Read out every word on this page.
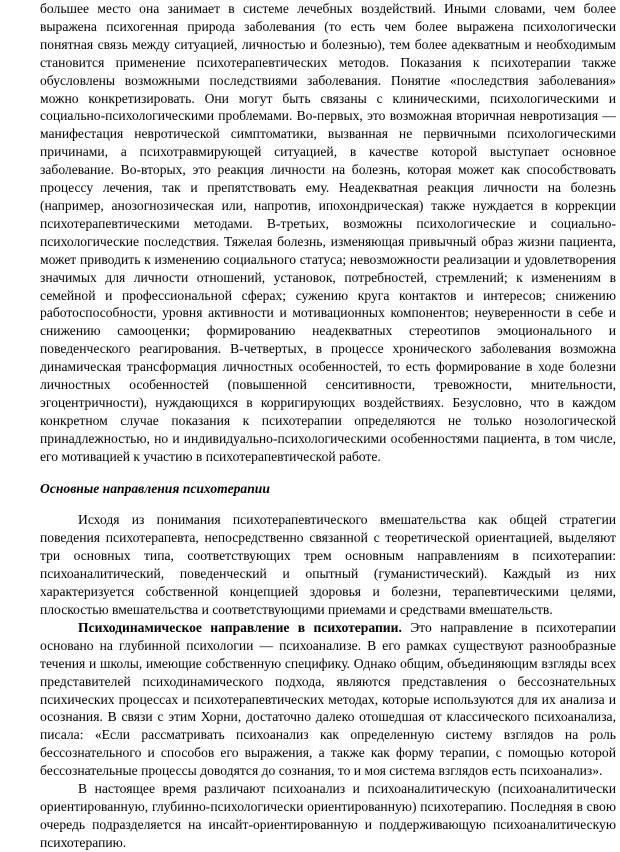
большее место она занимает в системе лечебных воздействий. Иными словами, чем более выражена психогенная природа заболевания (то есть чем более выражена психологически понятная связь между ситуацией, личностью и болезнью), тем более адекватным и необходимым становится применение психотерапевтических методов. Показания к психотерапии также обусловлены возможными последствиями заболевания. Понятие «последствия заболевания» можно конкретизировать. Они могут быть связаны с клиническими, психологическими и социально-психологическими проблемами. Во-первых, это возможная вторичная невротизация — манифестация невротической симптоматики, вызванная не первичными психологическими причинами, а психотравмирующей ситуацией, в качестве которой выступает основное заболевание. Во-вторых, это реакция личности на болезнь, которая может как способствовать процессу лечения, так и препятствовать ему. Неадекватная реакция личности на болезнь (например, анозогнозическая или, напротив, ипохондрическая) также нуждается в коррекции психотерапевтическими методами. В-третьих, возможны психологические и социально-психологические последствия. Тяжелая болезнь, изменяющая привычный образ жизни пациента, может приводить к изменению социального статуса; невозможности реализации и удовлетворения значимых для личности отношений, установок, потребностей, стремлений; к изменениям в семейной и профессиональной сферах; сужению круга контактов и интересов; снижению работоспособности, уровня активности и мотивационных компонентов; неуверенности в себе и снижению самооценки; формированию неадекватных стереотипов эмоционального и поведенческого реагирования. В-четвертых, в процессе хронического заболевания возможна динамическая трансформация личностных особенностей, то есть формирование в ходе болезни личностных особенностей (повышенной сенситивности, тревожности, мнительности, эгоцентричности), нуждающихся в корригирующих воздействиях. Безусловно, что в каждом конкретном случае показания к психотерапии определяются не только нозологической принадлежностью, но и индивидуально-психологическими особенностями пациента, в том числе, его мотивацией к участию в психотерапевтической работе.

Основные направления психотерапии

Исходя из понимания психотерапевтического вмешательства как общей стратегии поведения психотерапевта, непосредственно связанной с теоретической ориентацией, выделяют три основных типа, соответствующих трем основным направлениям в психотерапии: психоаналитический, поведенческий и опытный (гуманистический). Каждый из них характеризуется собственной концепцией здоровья и болезни, терапевтическими целями, плоскостью вмешательства и соответствующими приемами и средствами вмешательств.

Психодинамическое направление в психотерапии. Это направление в психотерапии основано на глубинной психологии — психоанализе. В его рамках существуют разнообразные течения и школы, имеющие собственную специфику. Однако общим, объединяющим взгляды всех представителей психодинамического подхода, являются представления о бессознательных психических процессах и психотерапевтических методах, которые используются для их анализа и осознания. В связи с этим Хорни, достаточно далеко отошедшая от классического психоанализа, писала: «Если рассматривать психоанализ как определенную систему взглядов на роль бессознательного и способов его выражения, а также как форму терапии, с помощью которой бессознательные процессы доводятся до сознания, то и моя система взглядов есть психоанализ».

В настоящее время различают психоанализ и психоаналитическую (психоаналитически ориентированную, глубинно-психологически ориентированную) психотерапию. Последняя в свою очередь подразделяется на инсайт-ориентированную и поддерживающую психоаналитическую психотерапию.
